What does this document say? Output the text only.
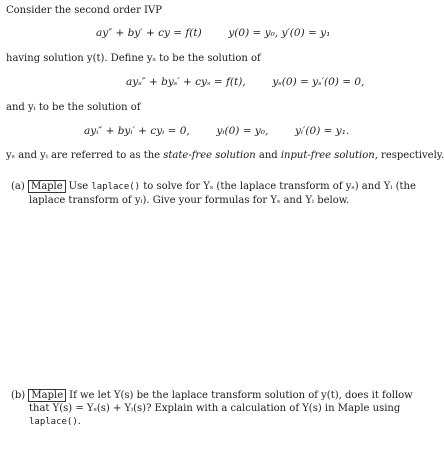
Consider the second order IVP
ay″ + by′ + cy = f(t)	y(0) = y₀, y′(0) = y₁
having solution y(t). Define yₛ to be the solution of
ayₛ″ + byₛ′ + cyₛ = f(t),	yₛ(0) = yₛ′(0) = 0,
and yᵢ to be the solution of
ayᵢ″ + byᵢ′ + cyᵢ = 0,	yᵢ(0) = y₀,	yᵢ′(0) = y₁.
yₛ and yᵢ are referred to as the state-free solution and input-free solution, respectively.
(a) Maple Use laplace() to solve for Yₛ (the laplace transform of yₛ) and Yᵢ (the
laplace transform of yᵢ). Give your formulas for Yₛ and Yᵢ below.
(b) Maple If we let Y(s) be the laplace transform solution of y(t), does it follow
that Y(s) = Yₛ(s) + Yᵢ(s)? Explain with a calculation of Y(s) in Maple using
laplace().
